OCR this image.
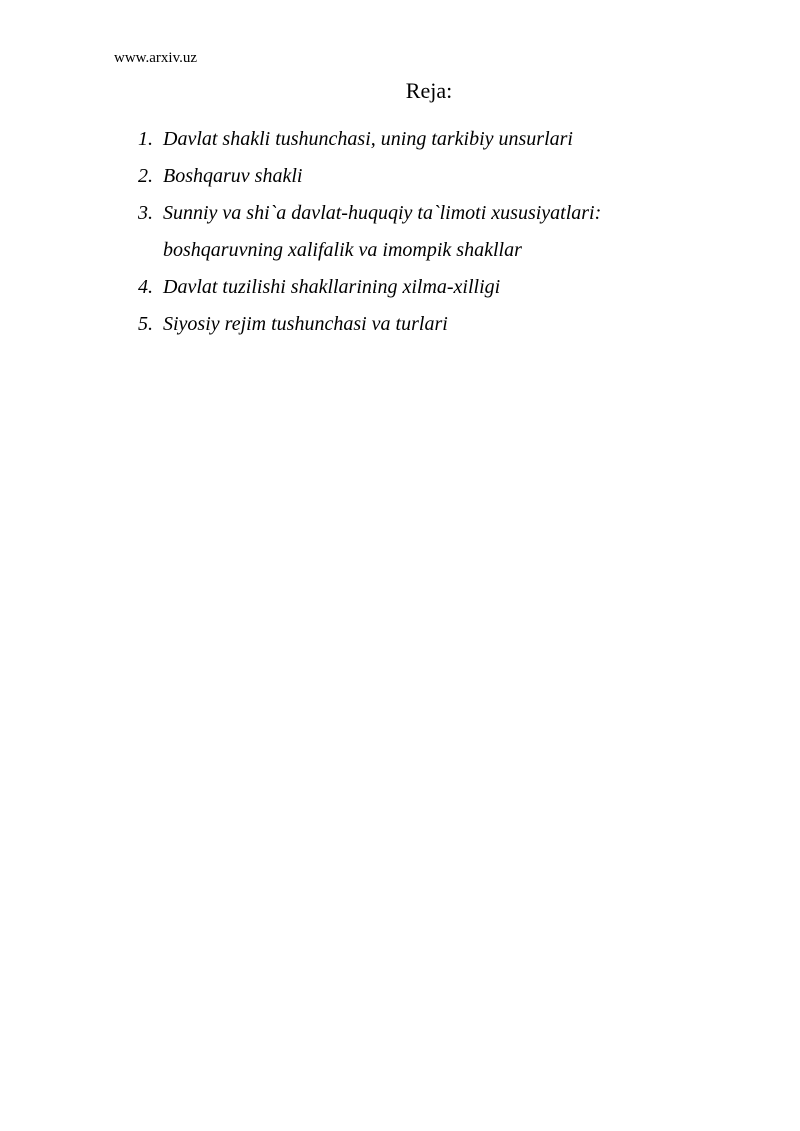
www.arxiv.uz
Reja:
1. Davlat shakli tushunchasi, uning tarkibiy unsurlari
2. Boshqaruv shakli
3. Sunniy va shi`a davlat-huquqiy ta`limoti xususiyatlari:
boshqaruvning xalifalik va imompik shakllar
4. Davlat tuzilishi shakllarining xilma-xilligi
5. Siyosiy rejim tushunchasi va turlari
